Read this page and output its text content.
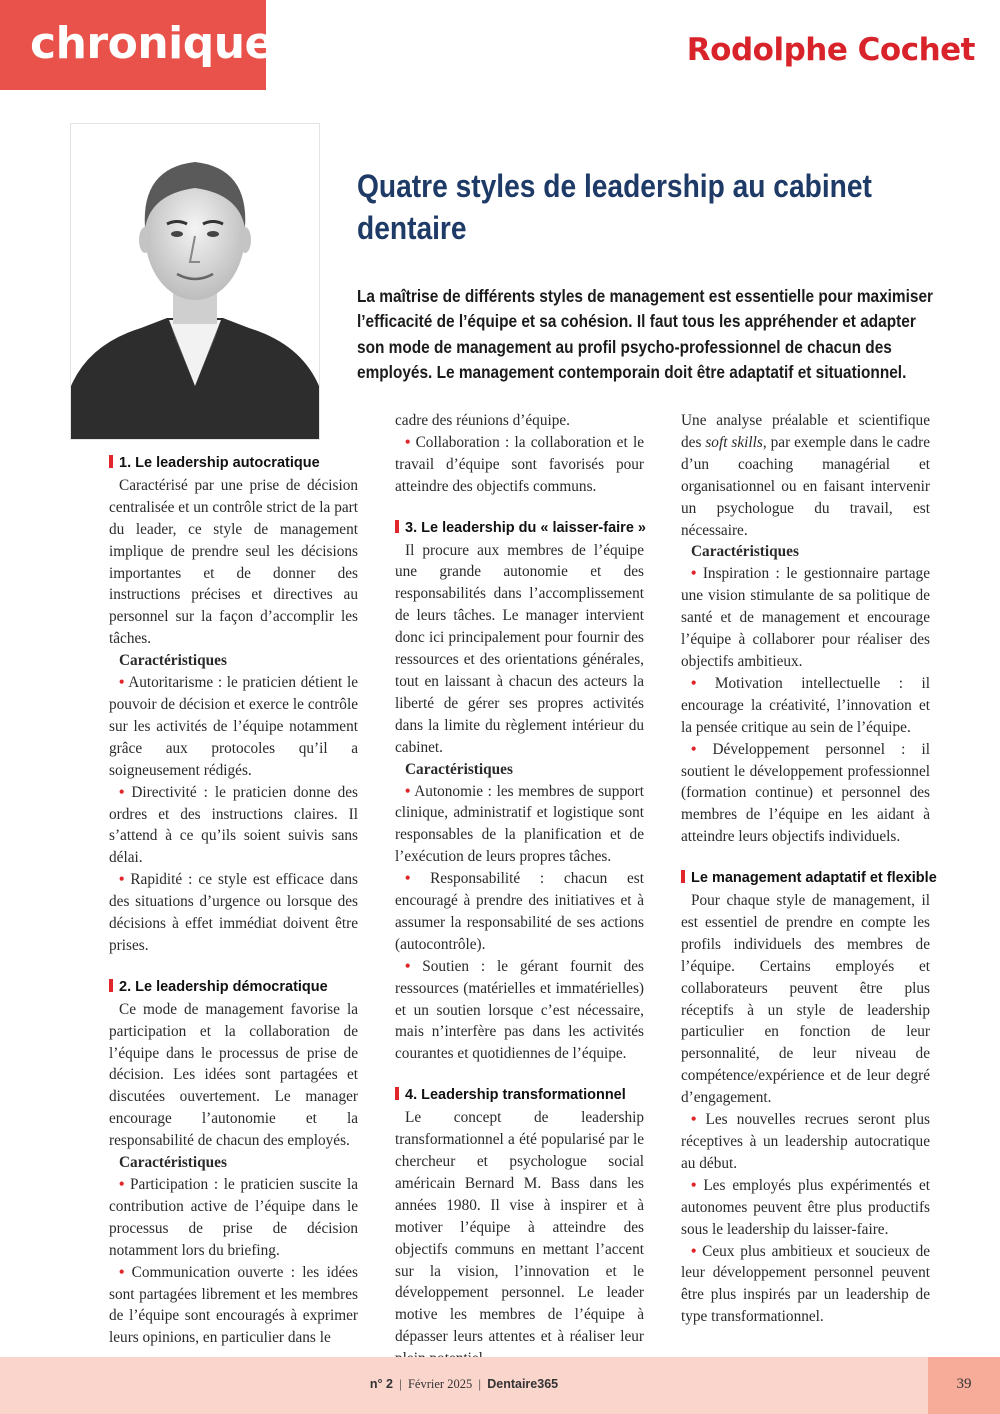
chronique	Rodolphe Cochet
Quatre styles de leadership au cabinet dentaire

La maîtrise de différents styles de management est essentielle pour maximiser l’efficacité de l’équipe et sa cohésion. Il faut tous les appréhender et adapter son mode de management au profil psycho-professionnel de chacun des employés. Le management contemporain doit être adaptatif et situationnel.

1. Le leadership autocratique

Caractérisé par une prise de décision centralisée et un contrôle strict de la part du leader, ce style de management implique de prendre seul les décisions importantes et de donner des instructions précises et directives au personnel sur la façon d’accomplir les tâches.

Caractéristiques

• Autoritarisme : le praticien détient le pouvoir de décision et exerce le contrôle sur les activités de l’équipe notamment grâce aux protocoles qu’il a soigneusement rédigés.

• Directivité : le praticien donne des ordres et des instructions claires. Il s’attend à ce qu’ils soient suivis sans délai.

• Rapidité : ce style est efficace dans des situations d’urgence ou lorsque des décisions à effet immédiat doivent être prises.

2. Le leadership démocratique

Ce mode de management favorise la participation et la collaboration de l’équipe dans le processus de prise de décision. Les idées sont partagées et discutées ouvertement. Le manager encourage l’autonomie et la responsabilité de chacun des employés.

Caractéristiques

• Participation : le praticien suscite la contribution active de l’équipe dans le processus de prise de décision notamment lors du briefing.

• Communication ouverte : les idées sont partagées librement et les membres de l’équipe sont encouragés à exprimer leurs opinions, en particulier dans le

cadre des réunions d’équipe.

• Collaboration : la collaboration et le travail d’équipe sont favorisés pour atteindre des objectifs communs.

3. Le leadership du « laisser-faire »

Il procure aux membres de l’équipe une grande autonomie et des responsabilités dans l’accomplissement de leurs tâches. Le manager intervient donc ici principalement pour fournir des ressources et des orientations générales, tout en laissant à chacun des acteurs la liberté de gérer ses propres activités dans la limite du règlement intérieur du cabinet.

Caractéristiques

• Autonomie : les membres de support clinique, administratif et logistique sont responsables de la planification et de l’exécution de leurs propres tâches.

• Responsabilité : chacun est encouragé à prendre des initiatives et à assumer la responsabilité de ses actions (autocontrôle).

• Soutien : le gérant fournit des ressources (matérielles et immatérielles) et un soutien lorsque c’est nécessaire, mais n’interfère pas dans les activités courantes et quotidiennes de l’équipe.

4. Leadership transformationnel

Le concept de leadership transformationnel a été popularisé par le chercheur et psychologue social américain Bernard M. Bass dans les années 1980. Il vise à inspirer et à motiver l’équipe à atteindre des objectifs communs en mettant l’accent sur la vision, l’innovation et le développement personnel. Le leader motive les membres de l’équipe à dépasser leurs attentes et à réaliser leur

Une analyse préalable et scientifique des soft skills, par exemple dans le cadre d’un coaching managérial et organisationnel ou en faisant intervenir un psychologue du travail, est nécessaire.

Caractéristiques

• Inspiration : le gestionnaire partage une vision stimulante de sa politique de santé et de management et encourage l’équipe à collaborer pour réaliser des objectifs ambitieux.

• Motivation intellectuelle : il encourage la créativité, l’innovation et la pensée critique au sein de l’équipe.

• Développement personnel : il soutient le développement professionnel (formation continue) et personnel des membres de l’équipe en les aidant à atteindre leurs objectifs individuels.

Le management adaptatif et flexible

Pour chaque style de management, il est essentiel de prendre en compte les profils individuels des membres de l’équipe. Certains employés et collaborateurs peuvent être plus réceptifs à un style de leadership particulier en fonction de leur personnalité, de leur niveau de compétence/expérience et de leur degré d’engagement.

• Les nouvelles recrues seront plus réceptives à un leadership autocratique au début.

• Les employés plus expérimentés et autonomes peuvent être plus productifs sous le leadership du laisser-faire.

• Ceux plus ambitieux et soucieux de leur développement personnel peuvent être plus inspirés par un leadership de type transformationnel.

n° 2 | Février 2025 | Dentaire365	39
